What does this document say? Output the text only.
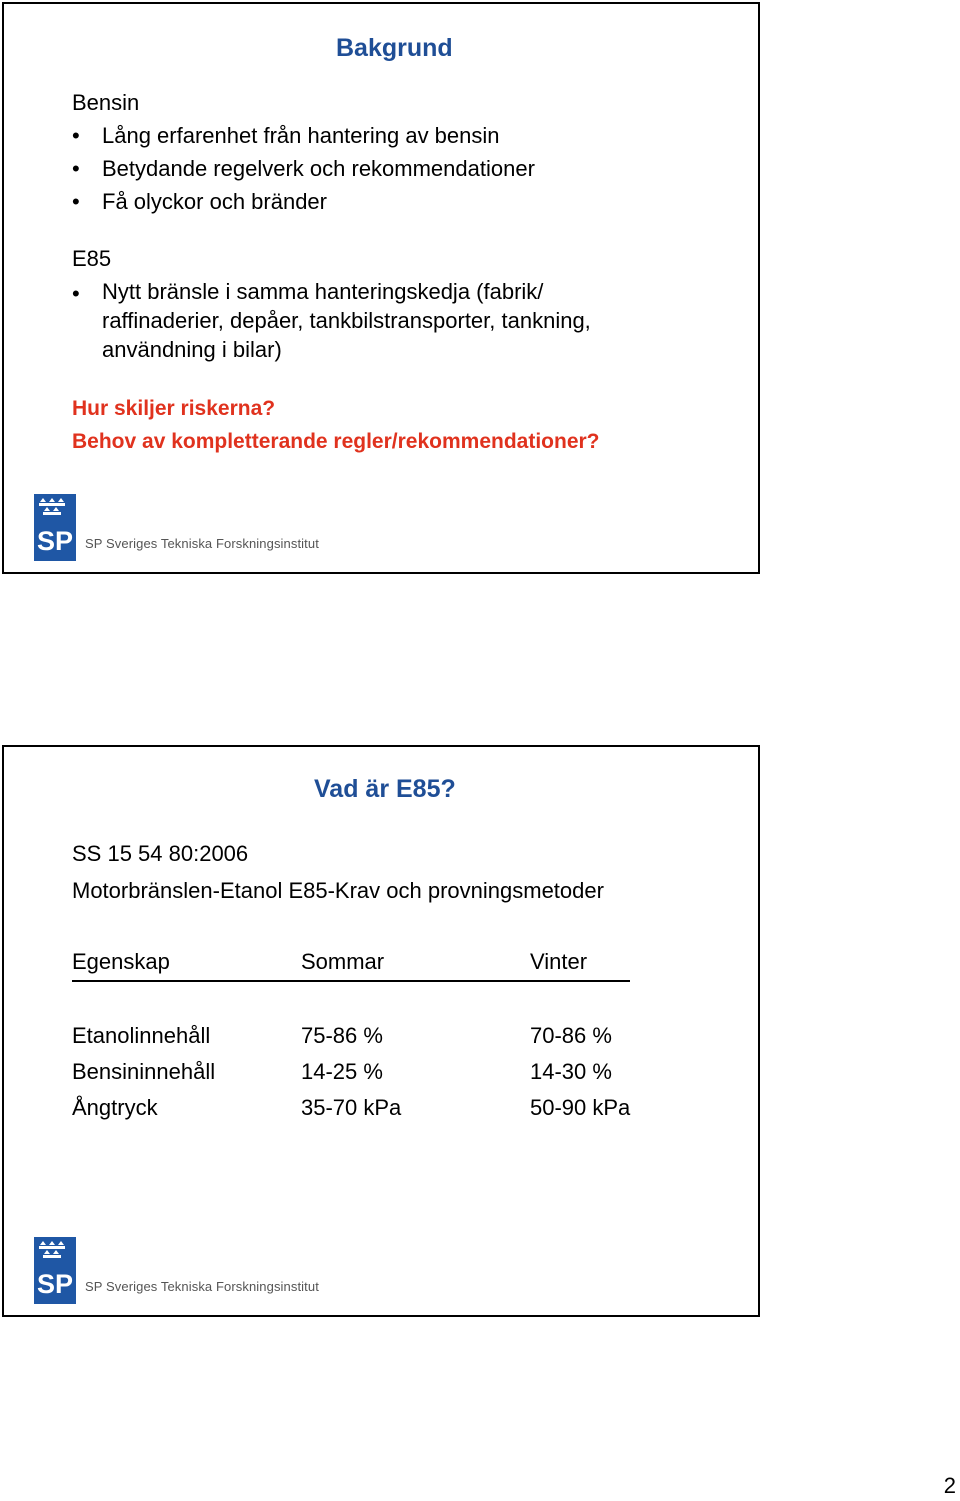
Bakgrund
Bensin
• Lång erfarenhet från hantering av bensin
• Betydande regelverk och rekommendationer
• Få olyckor och bränder
E85
• Nytt bränsle i samma hanteringskedja (fabrik/
raffinaderier, depåer, tankbilstransporter, tankning,
användning i bilar)
Hur skiljer riskerna?
Behov av kompletterande regler/rekommendationer?
SP SP Sveriges Tekniska Forskningsinstitut
Vad är E85?
SS 15 54 80:2006
Motorbränslen-Etanol E85-Krav och provningsmetoder
Egenskap	Sommar	Vinter

Etanolinnehåll	75-86 %	70-86 %
Bensininnehåll	14-25 %	14-30 %
Ångtryck	35-70 kPa	50-90 kPa
SP SP Sveriges Tekniska Forskningsinstitut
2
